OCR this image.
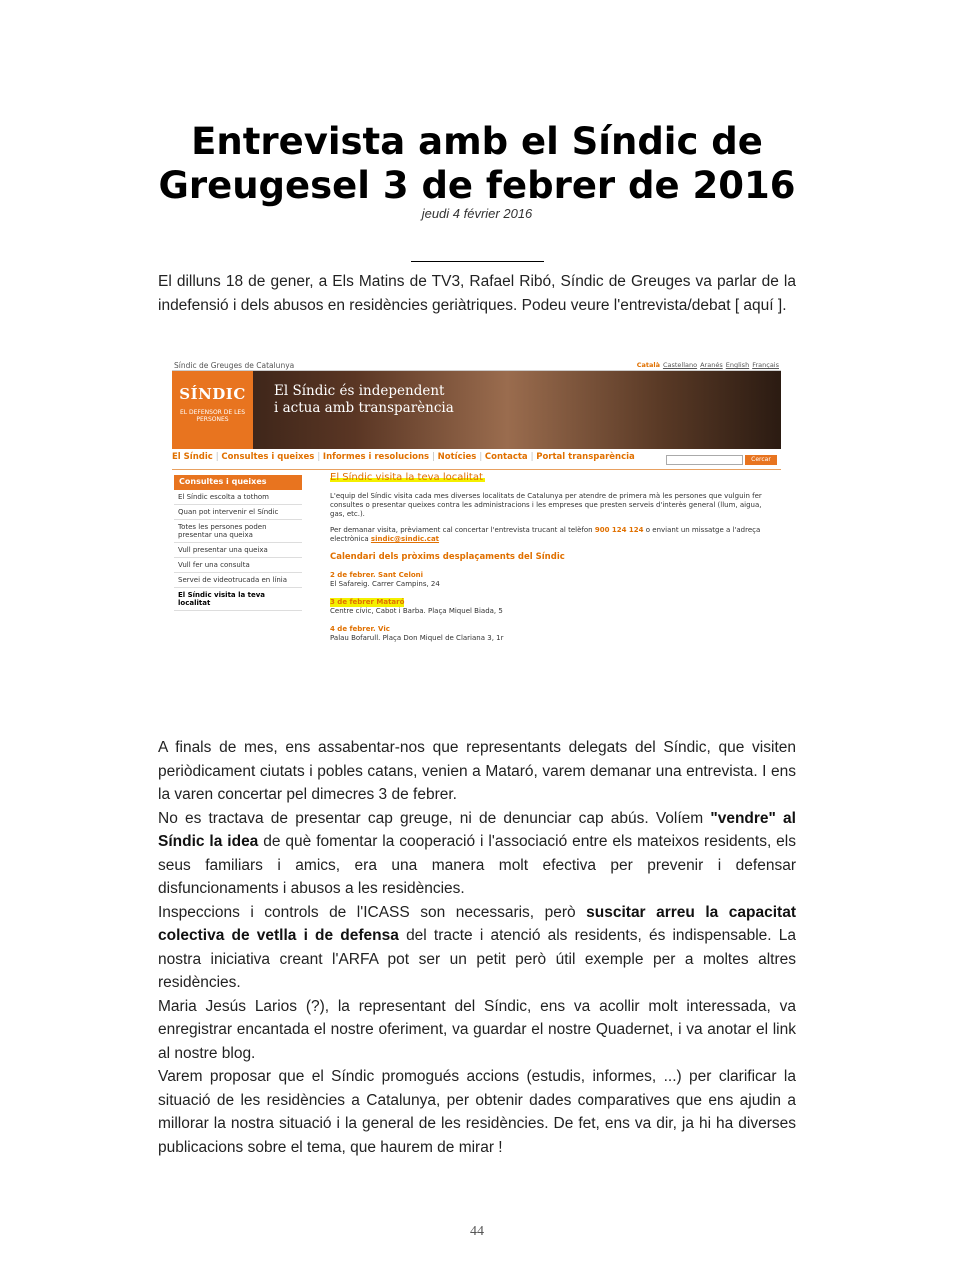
Entrevista amb el Síndic de Greugesel 3 de febrer de 2016
jeudi 4 février 2016

El dilluns 18 de gener, a Els Matins de TV3, Rafael Ribó, Síndic de Greuges va parlar de la indefensió i dels abusos en residències geriàtriques. Podeu veure l'entrevista/debat [ aquí ].

Síndic de Greuges de Catalunya	Català Castellano Aranés English Français
SÍNDIC
EL DEFENSOR DE LES PERSONES
El Síndic és independent
i actua amb transparència
El Síndic | Consultes i queixes | Informes i resolucions | Notícies | Contacta | Portal transparència	Cercar
Consultes i queixes
El Síndic escolta a tothom
Quan pot intervenir el Síndic
Totes les persones poden presentar una queixa
Vull presentar una queixa
Vull fer una consulta
Servei de videotrucada en línia
El Síndic visita la teva localitat
El Síndic visita la teva localitat

L'equip del Síndic visita cada mes diverses localitats de Catalunya per atendre de primera mà les persones que vulguin fer consultes o presentar queixes contra les administracions i les empreses que presten serveis d'interès general (llum, aigua, gas, etc.).

Per demanar visita, prèviament cal concertar l'entrevista trucant al telèfon 900 124 124 o enviant un missatge a l'adreça electrònica sindic@sindic.cat

Calendari dels pròxims desplaçaments del Síndic
2 de febrer. Sant Celoni
El Safareig. Carrer Campins, 24
3 de febrer Mataró
Centre cívic, Cabot i Barba. Plaça Miquel Biada, 5
4 de febrer. Vic
Palau Bofarull. Plaça Don Miquel de Clariana 3, 1r

A finals de mes, ens assabentar-nos que representants delegats del Síndic, que visiten periòdicament ciutats i pobles catans, venien a Mataró, varem demanar una entrevista. I ens la varen concertar pel dimecres 3 de febrer.

No es tractava de presentar cap greuge, ni de denunciar cap abús. Volíem "vendre" al Síndic la idea de què fomentar la cooperació i l'associació entre els mateixos residents, els seus familiars i amics, era una manera molt efectiva per prevenir i defensar disfuncionaments i abusos a les residències.

Inspeccions i controls de l'ICASS son necessaris, però suscitar arreu la capacitat colectiva de vetlla i de defensa del tracte i atenció als residents, és indispensable. La nostra iniciativa creant l'ARFA pot ser un petit però útil exemple per a moltes altres residències.

Maria Jesús Larios (?), la representant del Síndic, ens va acollir molt interessada, va enregistrar encantada el nostre oferiment, va guardar el nostre Quadernet, i va anotar el link al nostre blog.

Varem proposar que el Síndic promogués accions (estudis, informes, ...) per clarificar la situació de les residències a Catalunya, per obtenir dades comparatives que ens ajudin a millorar la nostra situació i la general de les residències. De fet, ens va dir, ja hi ha diverses publicacions sobre el tema, que haurem de mirar !

44
